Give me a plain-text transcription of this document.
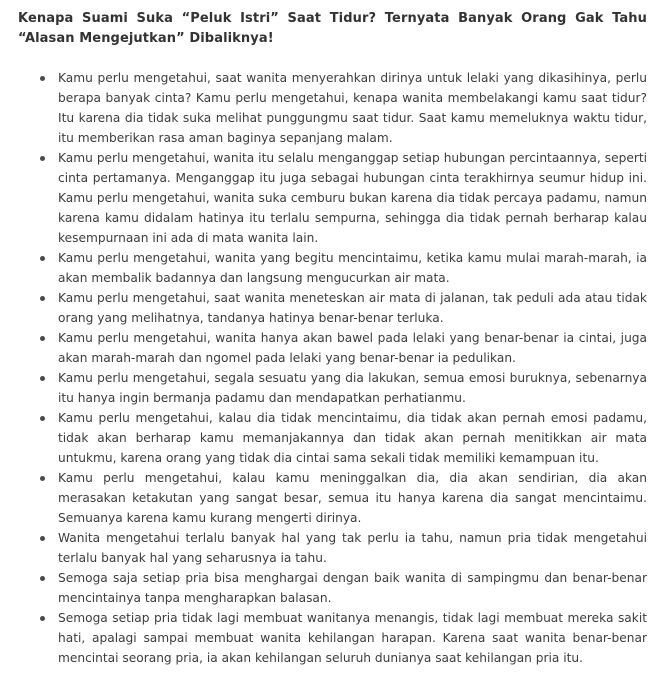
Kenapa Suami Suka “Peluk Istri” Saat Tidur? Ternyata Banyak Orang Gak Tahu “Alasan Mengejutkan” Dibaliknya!
Kamu perlu mengetahui, saat wanita menyerahkan dirinya untuk lelaki yang dikasihinya, perlu berapa banyak cinta? Kamu perlu mengetahui, kenapa wanita membelakangi kamu saat tidur? Itu karena dia tidak suka melihat punggungmu saat tidur. Saat kamu memeluknya waktu tidur, itu memberikan rasa aman baginya sepanjang malam.
Kamu perlu mengetahui, wanita itu selalu menganggap setiap hubungan percintaannya, seperti cinta pertamanya. Menganggap itu juga sebagai hubungan cinta terakhirnya seumur hidup ini. Kamu perlu mengetahui, wanita suka cemburu bukan karena dia tidak percaya padamu, namun karena kamu didalam hatinya itu terlalu sempurna, sehingga dia tidak pernah berharap kalau kesempurnaan ini ada di mata wanita lain.
Kamu perlu mengetahui, wanita yang begitu mencintaimu, ketika kamu mulai marah-marah, ia akan membalik badannya dan langsung mengucurkan air mata.
Kamu perlu mengetahui, saat wanita meneteskan air mata di jalanan, tak peduli ada atau tidak orang yang melihatnya, tandanya hatinya benar-benar terluka.
Kamu perlu mengetahui, wanita hanya akan bawel pada lelaki yang benar-benar ia cintai, juga akan marah-marah dan ngomel pada lelaki yang benar-benar ia pedulikan.
Kamu perlu mengetahui, segala sesuatu yang dia lakukan, semua emosi buruknya, sebenarnya itu hanya ingin bermanja padamu dan mendapatkan perhatianmu.
Kamu perlu mengetahui, kalau dia tidak mencintaimu, dia tidak akan pernah emosi padamu, tidak akan berharap kamu memanjakannya dan tidak akan pernah menitikkan air mata untukmu, karena orang yang tidak dia cintai sama sekali tidak memiliki kemampuan itu.
Kamu perlu mengetahui, kalau kamu meninggalkan dia, dia akan sendirian, dia akan merasakan ketakutan yang sangat besar, semua itu hanya karena dia sangat mencintaimu. Semuanya karena kamu kurang mengerti dirinya.
Wanita mengetahui terlalu banyak hal yang tak perlu ia tahu, namun pria tidak mengetahui terlalu banyak hal yang seharusnya ia tahu.
Semoga saja setiap pria bisa menghargai dengan baik wanita di sampingmu dan benar-benar mencintainya tanpa mengharapkan balasan.
Semoga setiap pria tidak lagi membuat wanitanya menangis, tidak lagi membuat mereka sakit hati, apalagi sampai membuat wanita kehilangan harapan. Karena saat wanita benar-benar mencintai seorang pria, ia akan kehilangan seluruh dunianya saat kehilangan pria itu.
